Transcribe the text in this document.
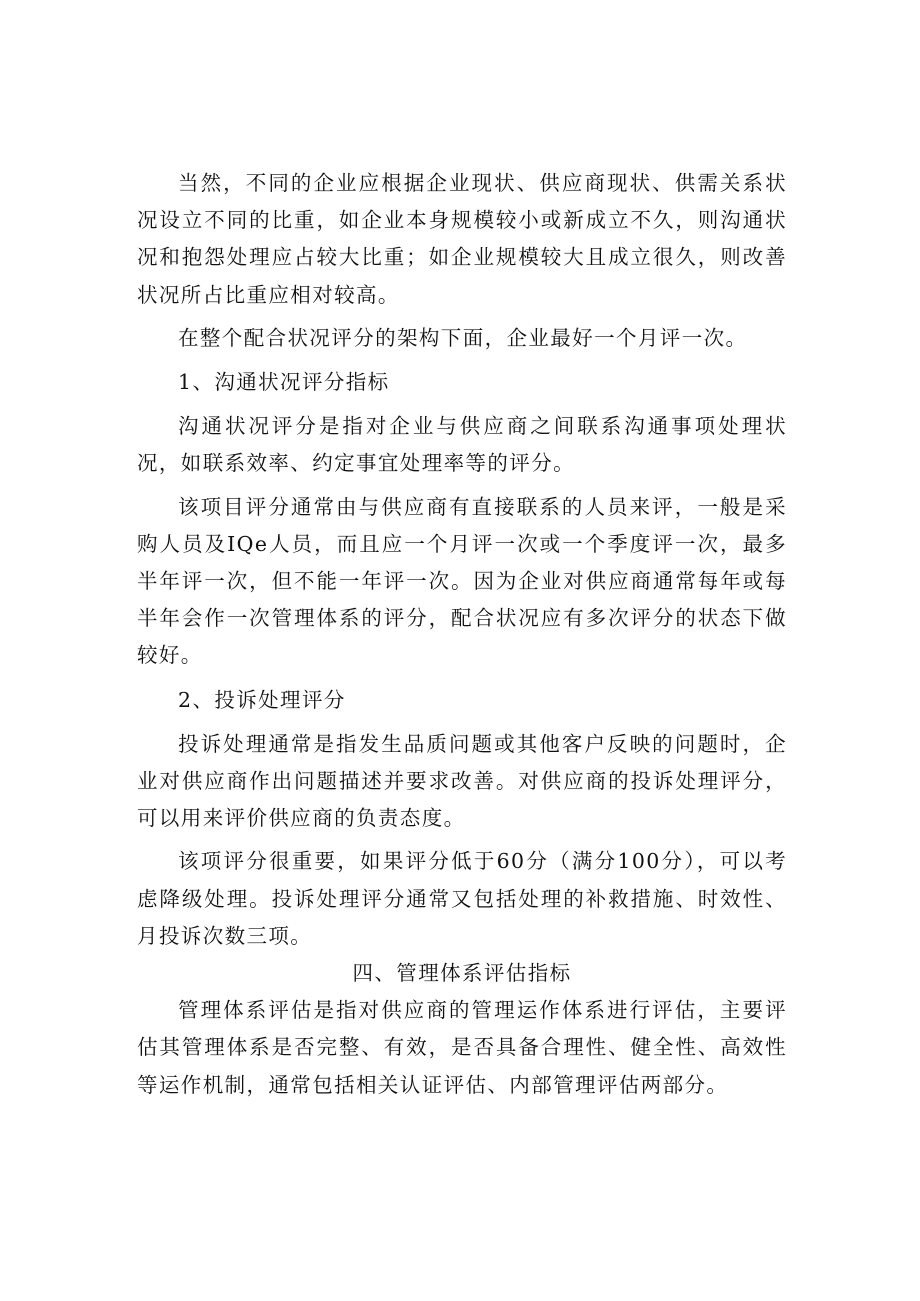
当然，不同的企业应根据企业现状、供应商现状、供需关系状况设立不同的比重，如企业本身规模较小或新成立不久，则沟通状况和抱怨处理应占较大比重；如企业规模较大且成立很久，则改善状况所占比重应相对较高。

在整个配合状况评分的架构下面，企业最好一个月评一次。

1、沟通状况评分指标

沟通状况评分是指对企业与供应商之间联系沟通事项处理状况，如联系效率、约定事宜处理率等的评分。

该项目评分通常由与供应商有直接联系的人员来评，一般是采购人员及IQe人员，而且应一个月评一次或一个季度评一次，最多半年评一次，但不能一年评一次。因为企业对供应商通常每年或每半年会作一次管理体系的评分，配合状况应有多次评分的状态下做较好。

2、投诉处理评分

投诉处理通常是指发生品质问题或其他客户反映的问题时，企业对供应商作出问题描述并要求改善。对供应商的投诉处理评分，可以用来评价供应商的负责态度。

该项评分很重要，如果评分低于60分（满分100分），可以考虑降级处理。投诉处理评分通常又包括处理的补救措施、时效性、月投诉次数三项。

四、管理体系评估指标

管理体系评估是指对供应商的管理运作体系进行评估，主要评估其管理体系是否完整、有效，是否具备合理性、健全性、高效性等运作机制，通常包括相关认证评估、内部管理评估两部分。
